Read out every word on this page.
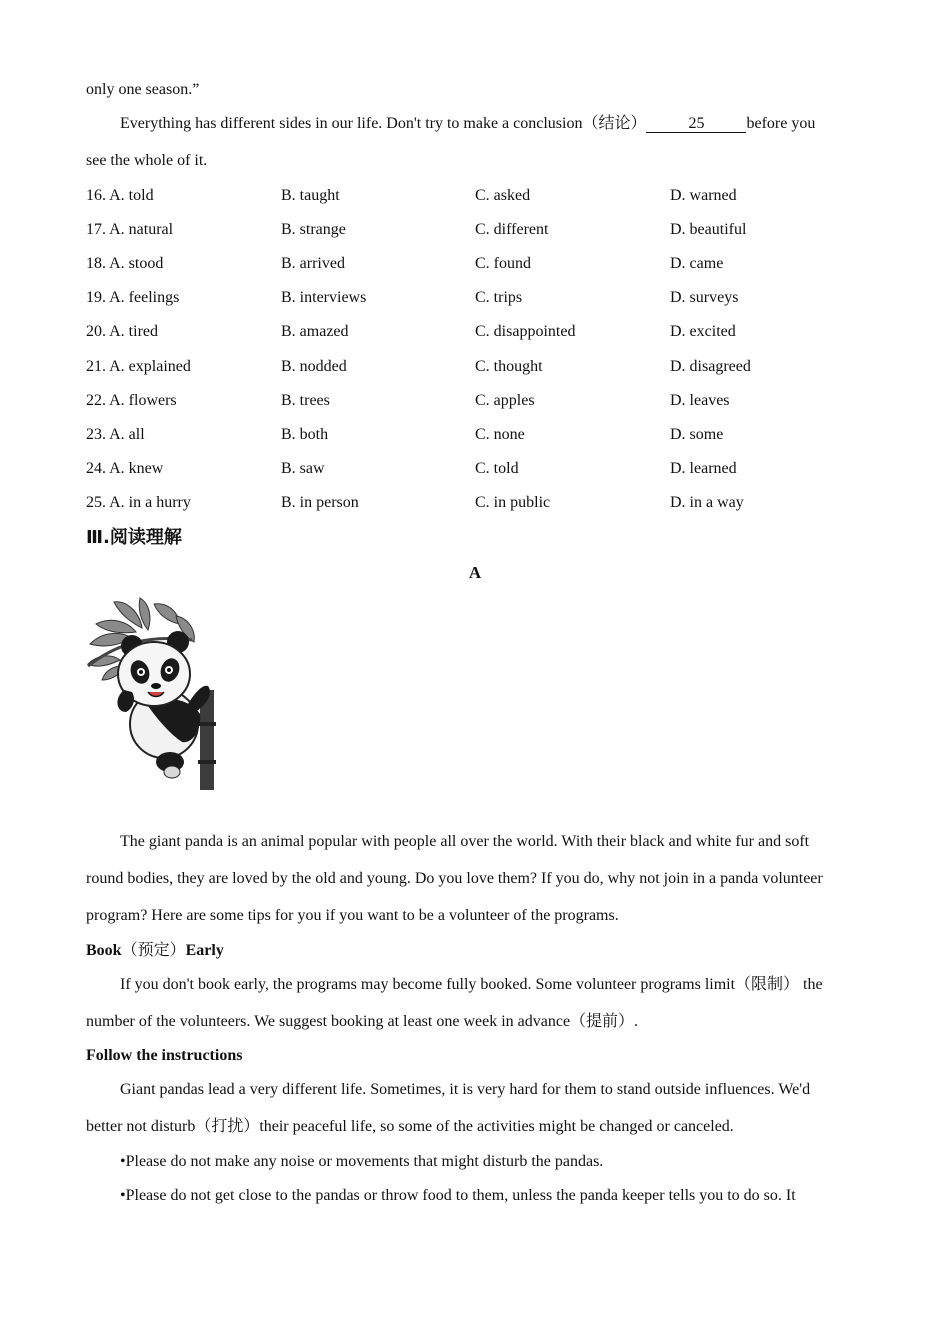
only one season.”
Everything has different sides in our life. Don't try to make a conclusion（结论）	25	before you
see the whole of it.
16. A. told	B. taught	C. asked	D. warned
17. A. natural	B. strange	C. different	D. beautiful
18. A. stood	B. arrived	C. found	D. came
19. A. feelings	B. interviews	C. trips	D. surveys
20. A. tired	B. amazed	C. disappointed	D. excited
21. A. explained	B. nodded	C. thought	D. disagreed
22. A. flowers	B. trees	C. apples	D. leaves
23. A. all	B. both	C. none	D. some
24. A. knew	B. saw	C. told	D. learned
25. A. in a hurry	B. in person	C. in public	D. in a way
Ⅲ.阅读理解
A
The giant panda is an animal popular with people all over the world. With their black and white fur and soft
round bodies, they are loved by the old and young. Do you love them? If you do, why not join in a panda volunteer
program? Here are some tips for you if you want to be a volunteer of the programs.
Book（预定）Early
If you don't book early, the programs may become fully booked. Some volunteer programs limit（限制） the
number of the volunteers. We suggest booking at least one week in advance（提前）.
Follow the instructions
Giant pandas lead a very different life. Sometimes, it is very hard for them to stand outside influences. We'd
better not disturb（打扰）their peaceful life, so some of the activities might be changed or canceled.
•Please do not make any noise or movements that might disturb the pandas.
•Please do not get close to the pandas or throw food to them, unless the panda keeper tells you to do so. It
